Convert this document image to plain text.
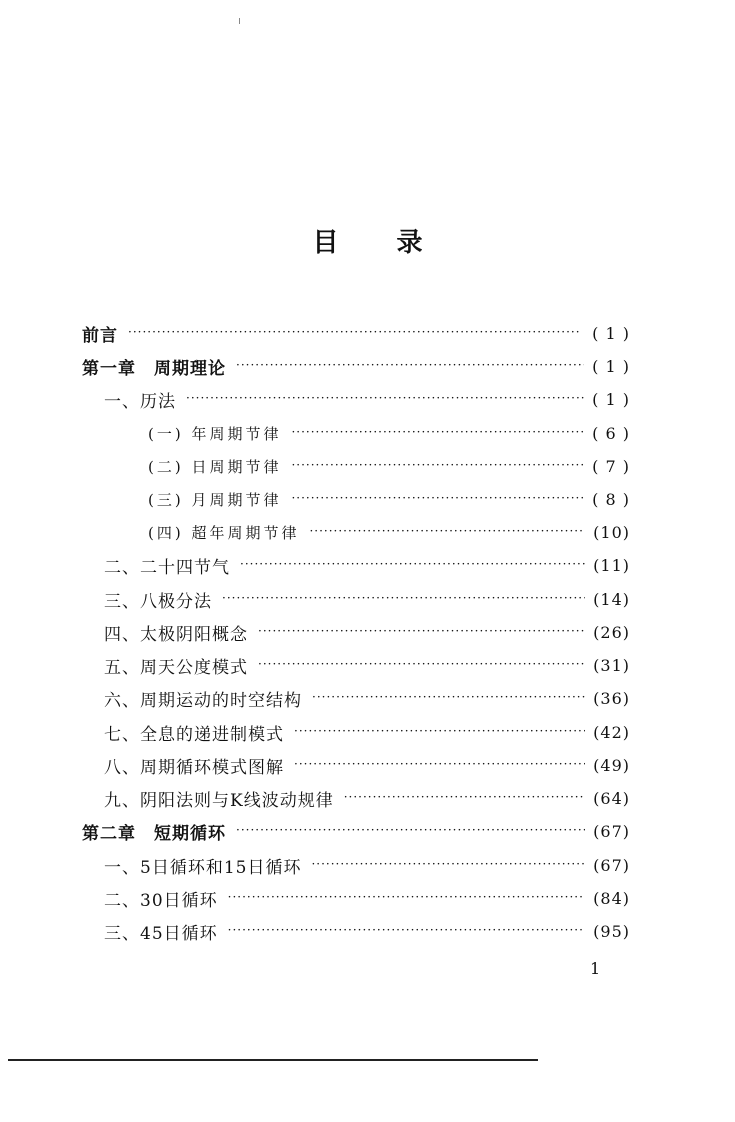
目录
前言 ·····	( 1 )
第一章　周期理论 ·····	( 1 )
一、历法 ·····	( 1 )
(一) 年周期节律 ·····	( 6 )
(二) 日周期节律 ·····	( 7 )
(三) 月周期节律 ·····	( 8 )
(四) 超年周期节律 ·····	(10)
二、二十四节气 ·····	(11)
三、八极分法 ·····	(14)
四、太极阴阳概念 ·····	(26)
五、周天公度模式 ·····	(31)
六、周期运动的时空结构 ·····	(36)
七、全息的递进制模式 ·····	(42)
八、周期循环模式图解 ·····	(49)
九、阴阳法则与K线波动规律 ·····	(64)
第二章　短期循环 ·····	(67)
一、5日循环和15日循环 ·····	(67)
二、30日循环 ·····	(84)
三、45日循环 ·····	(95)
1
